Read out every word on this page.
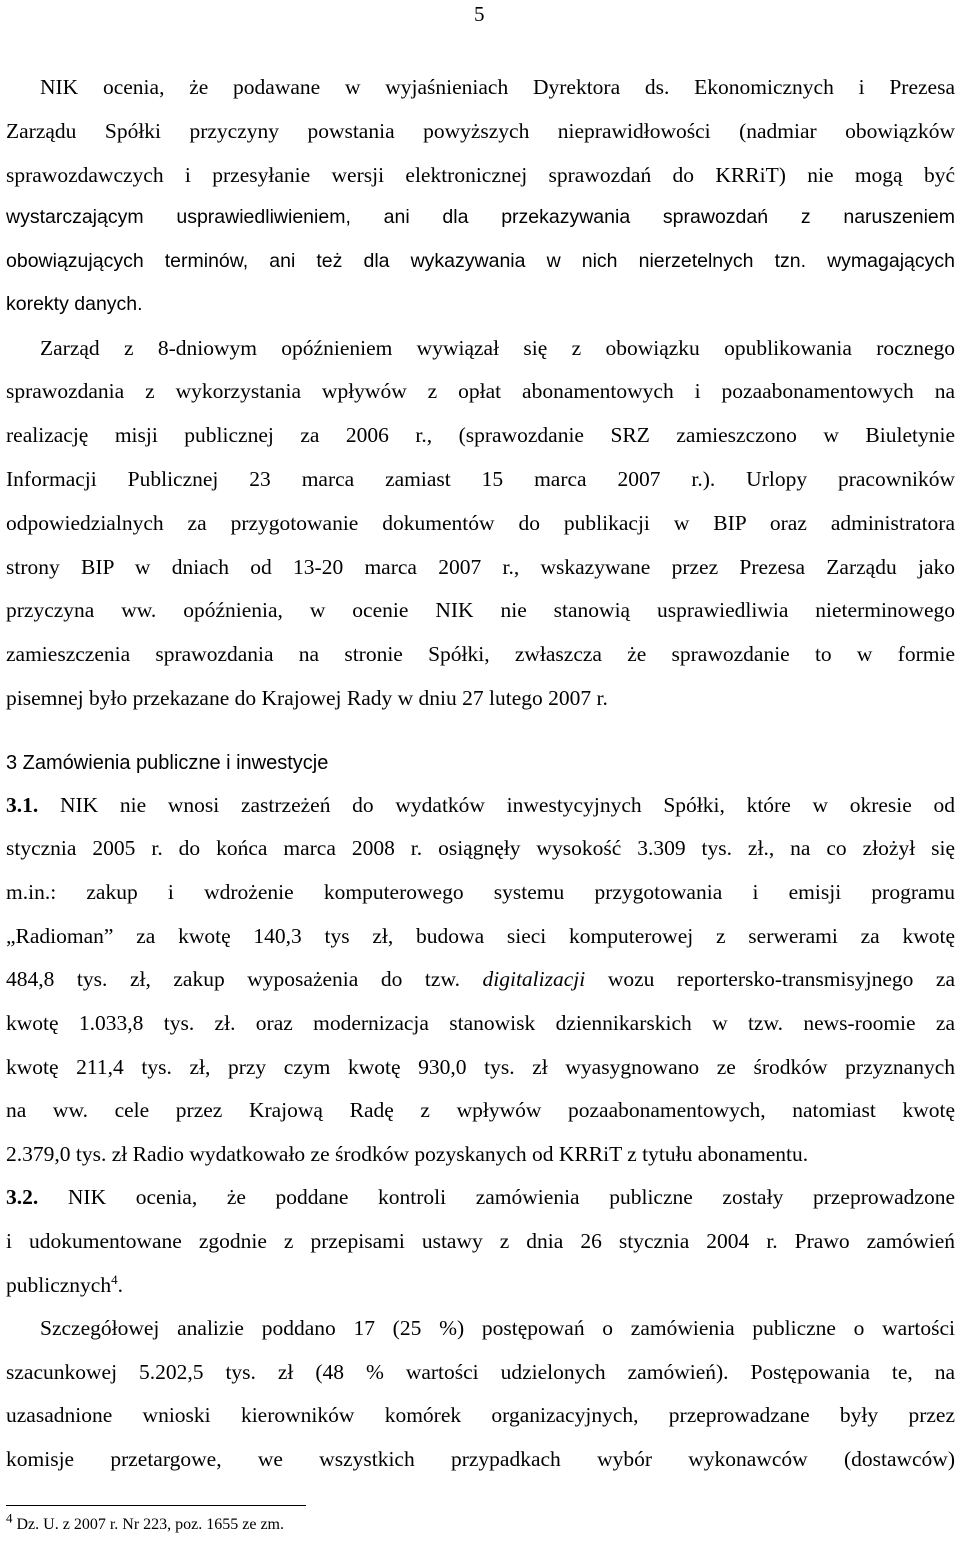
5
NIK ocenia, że podawane w wyjaśnieniach Dyrektora ds. Ekonomicznych i Prezesa
Zarządu Spółki przyczyny powstania powyższych nieprawidłowości (nadmiar obowiązków
sprawozdawczych i przesyłanie wersji elektronicznej sprawozdań do KRRiT) nie mogą być
wystarczającym usprawiedliwieniem, ani dla przekazywania sprawozdań z naruszeniem
obowiązujących terminów, ani też dla wykazywania w nich nierzetelnych tzn. wymagających
korekty danych.
Zarząd z 8-dniowym opóźnieniem wywiązał się z obowiązku opublikowania rocznego
sprawozdania z wykorzystania wpływów z opłat abonamentowych i pozaabonamentowych na
realizację misji publicznej za 2006 r., (sprawozdanie SRZ zamieszczono w Biuletynie
Informacji Publicznej 23 marca zamiast 15 marca 2007 r.). Urlopy pracowników
odpowiedzialnych za przygotowanie dokumentów do publikacji w BIP oraz administratora
strony BIP w dniach od 13-20 marca 2007 r., wskazywane przez Prezesa Zarządu jako
przyczyna ww. opóźnienia, w ocenie NIK nie stanowią usprawiedliwia nieterminowego
zamieszczenia sprawozdania na stronie Spółki, zwłaszcza że sprawozdanie to w formie
pisemnej było przekazane do Krajowej Rady w dniu 27 lutego 2007 r.
3 Zamówienia publiczne i inwestycje
3.1. NIK nie wnosi zastrzeżeń do wydatków inwestycyjnych Spółki, które w okresie od
stycznia 2005 r. do końca marca 2008 r. osiągnęły wysokość 3.309 tys. zł., na co złożył się
m.in.: zakup i wdrożenie komputerowego systemu przygotowania i emisji programu
„Radioman” za kwotę 140,3 tys zł, budowa sieci komputerowej z serwerami za kwotę
484,8 tys. zł, zakup wyposażenia do tzw. digitalizacji wozu reportersko-transmisyjnego za
kwotę 1.033,8 tys. zł. oraz modernizacja stanowisk dziennikarskich w tzw. news-roomie za
kwotę 211,4 tys. zł, przy czym kwotę 930,0 tys. zł wyasygnowano ze środków przyznanych
na ww. cele przez Krajową Radę z wpływów pozaabonamentowych, natomiast kwotę
2.379,0 tys. zł Radio wydatkowało ze środków pozyskanych od KRRiT z tytułu abonamentu.
3.2. NIK ocenia, że poddane kontroli zamówienia publiczne zostały przeprowadzone
i udokumentowane zgodnie z przepisami ustawy z dnia 26 stycznia 2004 r. Prawo zamówień
publicznych$^4$.
Szczegółowej analizie poddano 17 (25 %) postępowań o zamówienia publiczne o wartości
szacunkowej 5.202,5 tys. zł (48 % wartości udzielonych zamówień). Postępowania te, na
uzasadnione wnioski kierowników komórek organizacyjnych, przeprowadzane były przez
komisje przetargowe, we wszystkich przypadkach wybór wykonawców (dostawców)
$^4$ Dz. U. z 2007 r. Nr 223, poz. 1655 ze zm.
